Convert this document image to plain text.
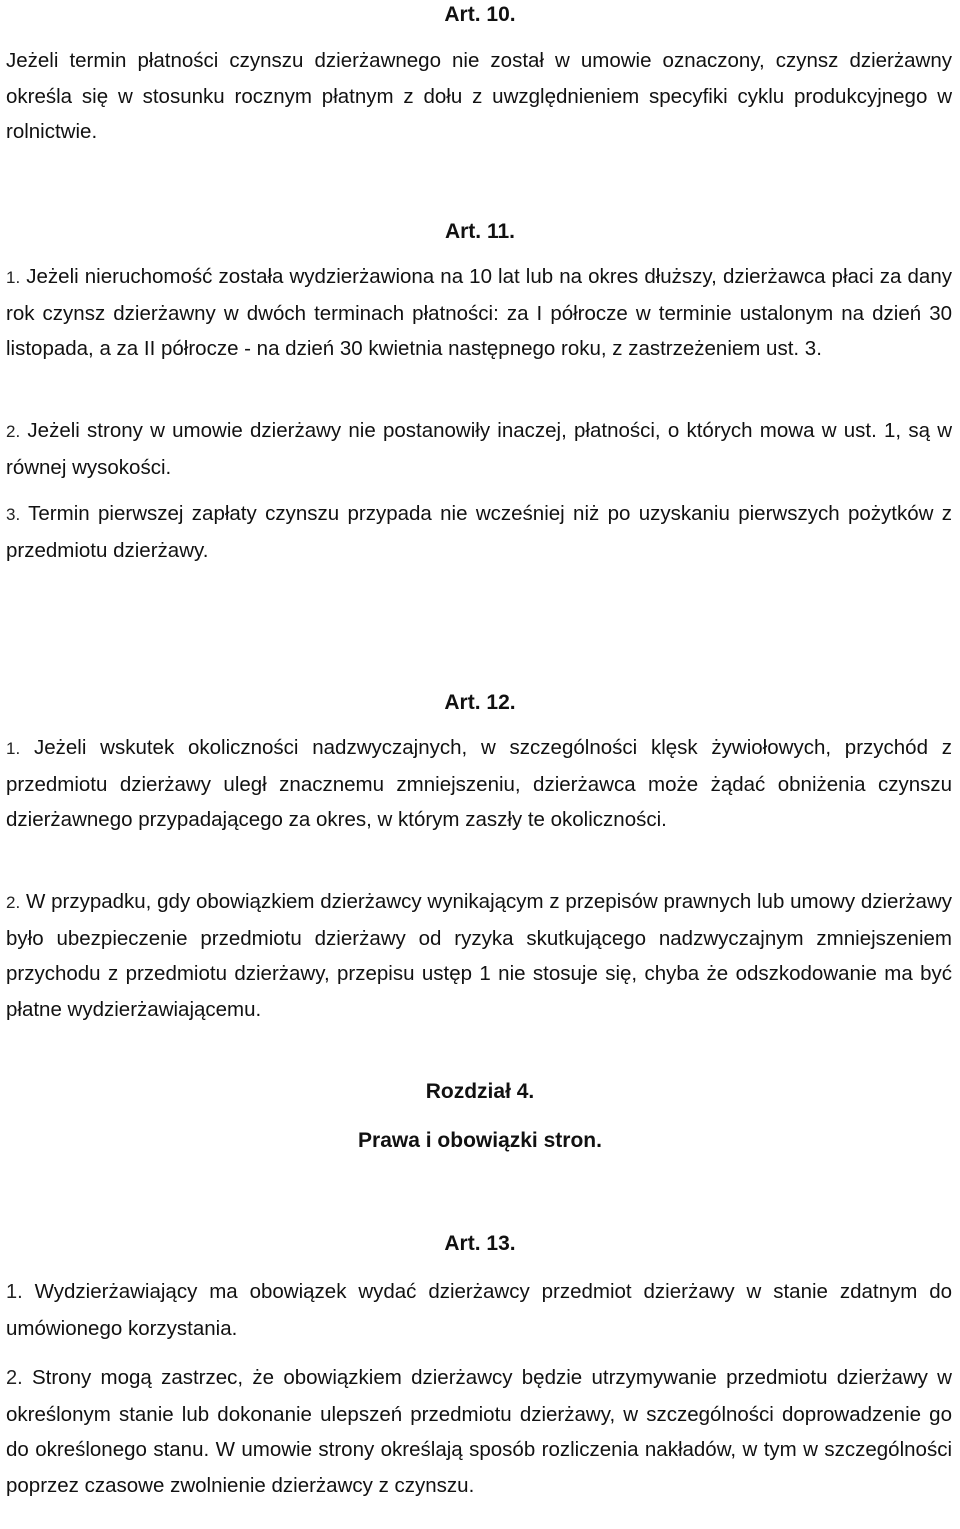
Art. 10.

Jeżeli termin płatności czynszu dzierżawnego nie został w umowie oznaczony, czynsz dzierżawny określa się w stosunku rocznym płatnym z dołu z uwzględnieniem specyfiki cyklu produkcyjnego w rolnictwie.

Art. 11.

1. Jeżeli nieruchomość została wydzierżawiona na 10 lat lub na okres dłuższy, dzierżawca płaci za dany rok czynsz dzierżawny w dwóch terminach płatności: za I półrocze w terminie ustalonym na dzień 30 listopada, a za II półrocze - na dzień 30 kwietnia następnego roku, z zastrzeżeniem ust. 3.

2. Jeżeli strony w umowie dzierżawy nie postanowiły inaczej, płatności, o których mowa w ust. 1, są w równej wysokości.

3. Termin pierwszej zapłaty czynszu przypada nie wcześniej niż po uzyskaniu pierwszych pożytków z przedmiotu dzierżawy.

Art. 12.

1. Jeżeli wskutek okoliczności nadzwyczajnych, w szczególności klęsk żywiołowych, przychód z przedmiotu dzierżawy uległ znacznemu zmniejszeniu, dzierżawca może żądać obniżenia czynszu dzierżawnego przypadającego za okres, w którym zaszły te okoliczności.

2. W przypadku, gdy obowiązkiem dzierżawcy wynikającym z przepisów prawnych lub umowy dzierżawy było ubezpieczenie przedmiotu dzierżawy od ryzyka skutkującego nadzwyczajnym zmniejszeniem przychodu z przedmiotu dzierżawy, przepisu ustęp 1 nie stosuje się, chyba że odszkodowanie ma być płatne wydzierżawiającemu.

Rozdział 4.
Prawa i obowiązki stron.
Art. 13.

1. Wydzierżawiający ma obowiązek wydać dzierżawcy przedmiot dzierżawy w stanie zdatnym do umówionego korzystania.

2. Strony mogą zastrzec, że obowiązkiem dzierżawcy będzie utrzymywanie przedmiotu dzierżawy w określonym stanie lub dokonanie ulepszeń przedmiotu dzierżawy, w szczególności doprowadzenie go do określonego stanu. W umowie strony określają sposób rozliczenia nakładów, w tym w szczególności poprzez czasowe zwolnienie dzierżawcy z czynszu.
